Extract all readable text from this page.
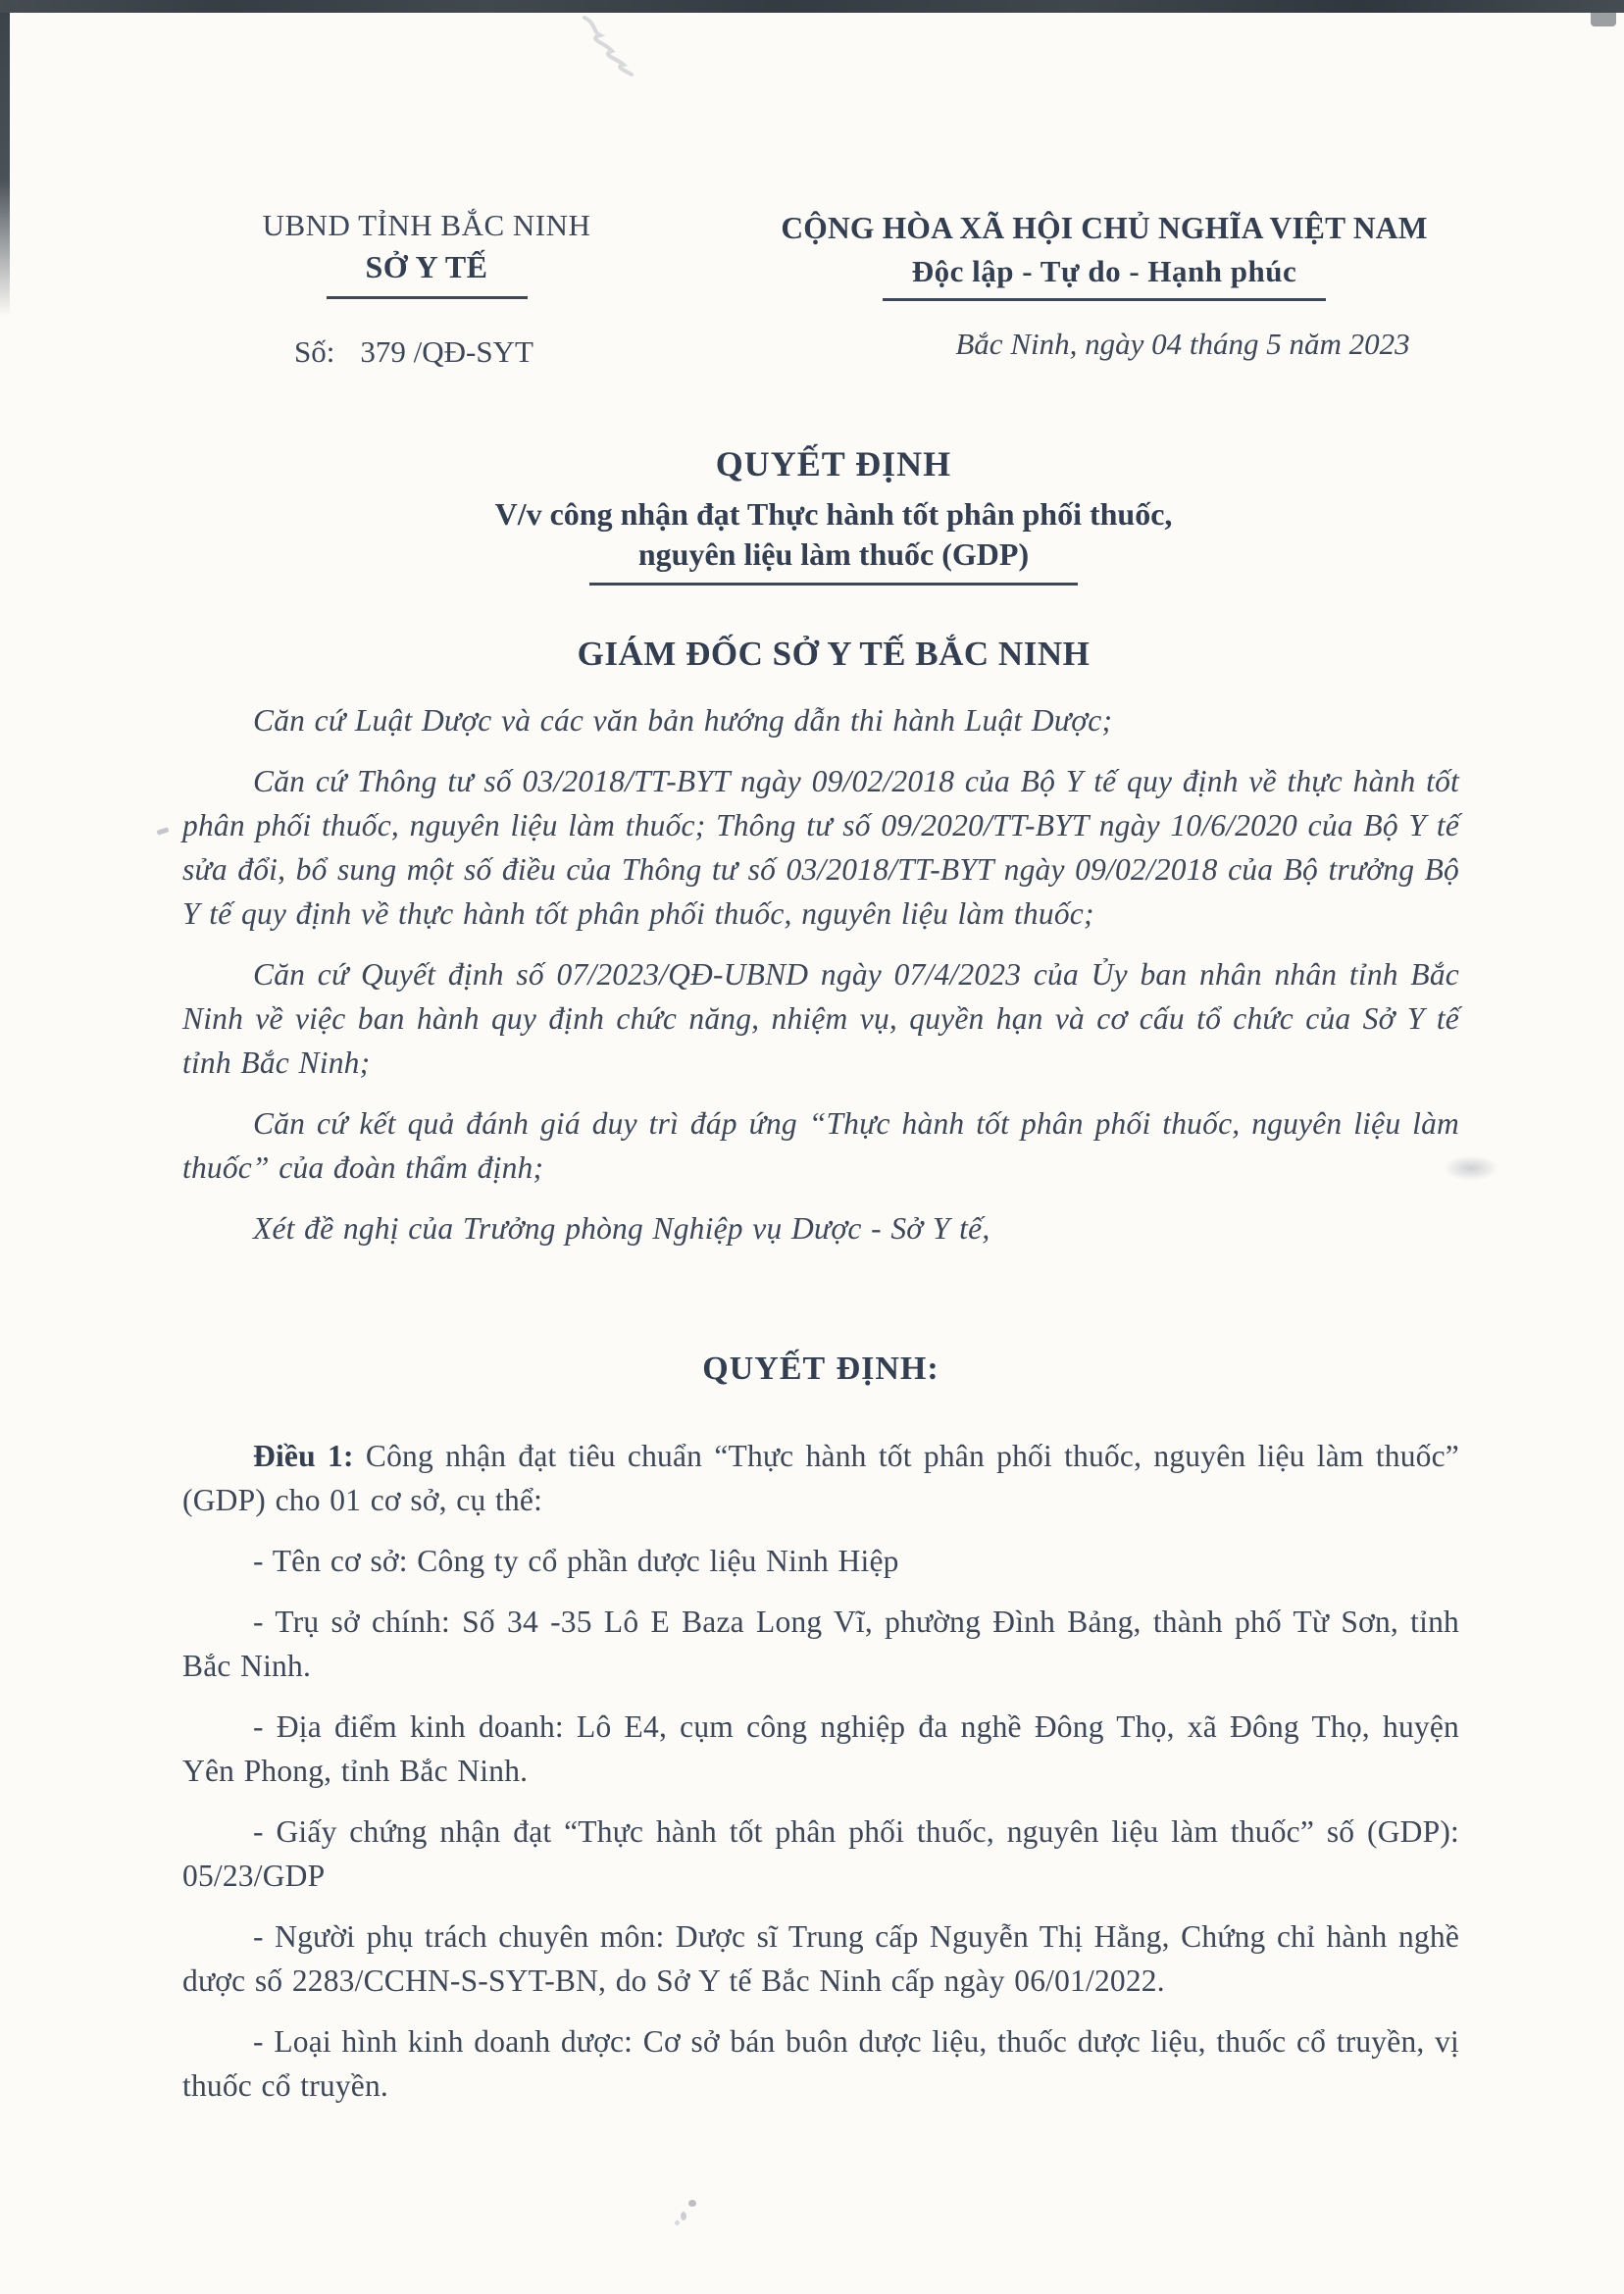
UBND TỈNH BẮC NINH
SỞ Y TẾ
Số: 379 /QĐ-SYT
CỘNG HÒA XÃ HỘI CHỦ NGHĨA VIỆT NAM
Độc lập - Tự do - Hạnh phúc
Bắc Ninh, ngày 04 tháng 5 năm 2023
QUYẾT ĐỊNH
V/v công nhận đạt Thực hành tốt phân phối thuốc,
nguyên liệu làm thuốc (GDP)
GIÁM ĐỐC SỞ Y TẾ BẮC NINH

Căn cứ Luật Dược và các văn bản hướng dẫn thi hành Luật Dược;

Căn cứ Thông tư số 03/2018/TT-BYT ngày 09/02/2018 của Bộ Y tế quy định về thực hành tốt phân phối thuốc, nguyên liệu làm thuốc; Thông tư số 09/2020/TT-BYT ngày 10/6/2020 của Bộ Y tế sửa đổi, bổ sung một số điều của Thông tư số 03/2018/TT-BYT ngày 09/02/2018 của Bộ trưởng Bộ Y tế quy định về thực hành tốt phân phối thuốc, nguyên liệu làm thuốc;

Căn cứ Quyết định số 07/2023/QĐ-UBND ngày 07/4/2023 của Ủy ban nhân nhân tỉnh Bắc Ninh về việc ban hành quy định chức năng, nhiệm vụ, quyền hạn và cơ cấu tổ chức của Sở Y tế tỉnh Bắc Ninh;

Căn cứ kết quả đánh giá duy trì đáp ứng “Thực hành tốt phân phối thuốc, nguyên liệu làm thuốc” của đoàn thẩm định;

Xét đề nghị của Trưởng phòng Nghiệp vụ Dược - Sở Y tế,

QUYẾT ĐỊNH:

Điều 1: Công nhận đạt tiêu chuẩn “Thực hành tốt phân phối thuốc, nguyên liệu làm thuốc” (GDP) cho 01 cơ sở, cụ thể:

- Tên cơ sở: Công ty cổ phần dược liệu Ninh Hiệp

- Trụ sở chính: Số 34 -35 Lô E Baza Long Vĩ, phường Đình Bảng, thành phố Từ Sơn, tỉnh Bắc Ninh.

- Địa điểm kinh doanh: Lô E4, cụm công nghiệp đa nghề Đông Thọ, xã Đông Thọ, huyện Yên Phong, tỉnh Bắc Ninh.

- Giấy chứng nhận đạt “Thực hành tốt phân phối thuốc, nguyên liệu làm thuốc” số (GDP): 05/23/GDP

- Người phụ trách chuyên môn: Dược sĩ Trung cấp Nguyễn Thị Hằng, Chứng chỉ hành nghề dược số 2283/CCHN-S-SYT-BN, do Sở Y tế Bắc Ninh cấp ngày 06/01/2022.

- Loại hình kinh doanh dược: Cơ sở bán buôn dược liệu, thuốc dược liệu, thuốc cổ truyền, vị thuốc cổ truyền.
